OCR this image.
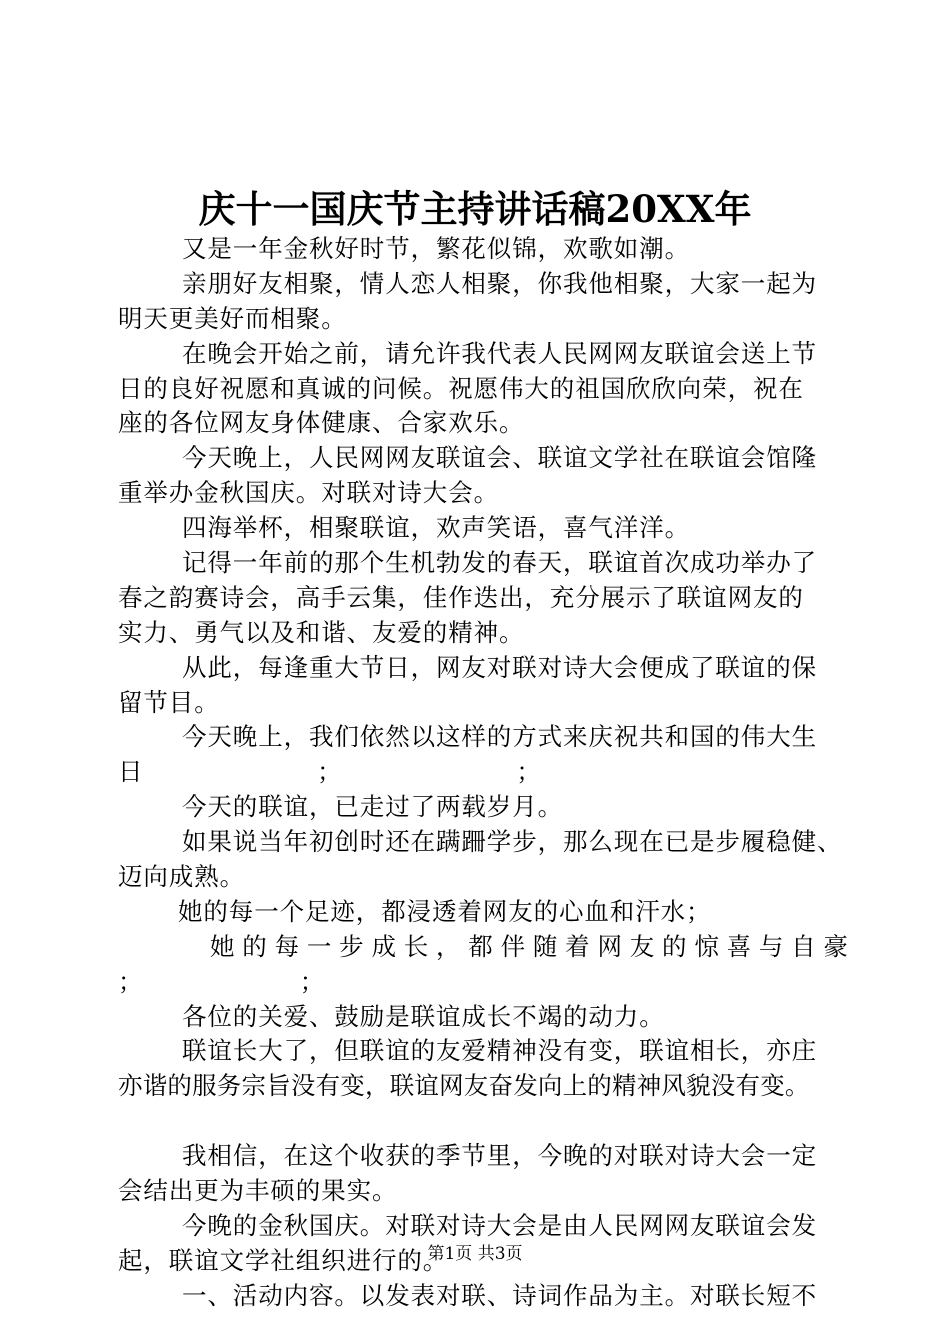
庆十一国庆节主持讲话稿20XX年
又是一年金秋好时节，繁花似锦，欢歌如潮。
亲朋好友相聚，情人恋人相聚，你我他相聚，大家一起为
明天更美好而相聚。
在晚会开始之前，请允许我代表人民网网友联谊会送上节
日的良好祝愿和真诚的问候。祝愿伟大的祖国欣欣向荣，祝在
座的各位网友身体健康、合家欢乐。
今天晚上，人民网网友联谊会、联谊文学社在联谊会馆隆
重举办金秋国庆。对联对诗大会。
四海举杯，相聚联谊，欢声笑语，喜气洋洋。
记得一年前的那个生机勃发的春天，联谊首次成功举办了
春之韵赛诗会，高手云集，佳作迭出，充分展示了联谊网友的
实力、勇气以及和谐、友爱的精神。
从此，每逢重大节日，网友对联对诗大会便成了联谊的保
留节目。
今天晚上，我们依然以这样的方式来庆祝共和国的伟大生
日                    ；                    ；
今天的联谊，已走过了两载岁月。
如果说当年初创时还在蹒跚学步，那么现在已是步履稳健、
迈向成熟。
她的每一个足迹，都浸透着网友的心血和汗水；
她 的 每 一 步 成 长 ， 都 伴 随 着 网 友 的 惊 喜 与 自 豪
；                  ；
各位的关爱、鼓励是联谊成长不竭的动力。
联谊长大了，但联谊的友爱精神没有变，联谊相长，亦庄
亦谐的服务宗旨没有变，联谊网友奋发向上的精神风貌没有变。
我相信，在这个收获的季节里，今晚的对联对诗大会一定
会结出更为丰硕的果实。
今晚的金秋国庆。对联对诗大会是由人民网网友联谊会发
起，联谊文学社组织进行的。
一、活动内容。以发表对联、诗词作品为主。对联长短不
第1页 共3页
